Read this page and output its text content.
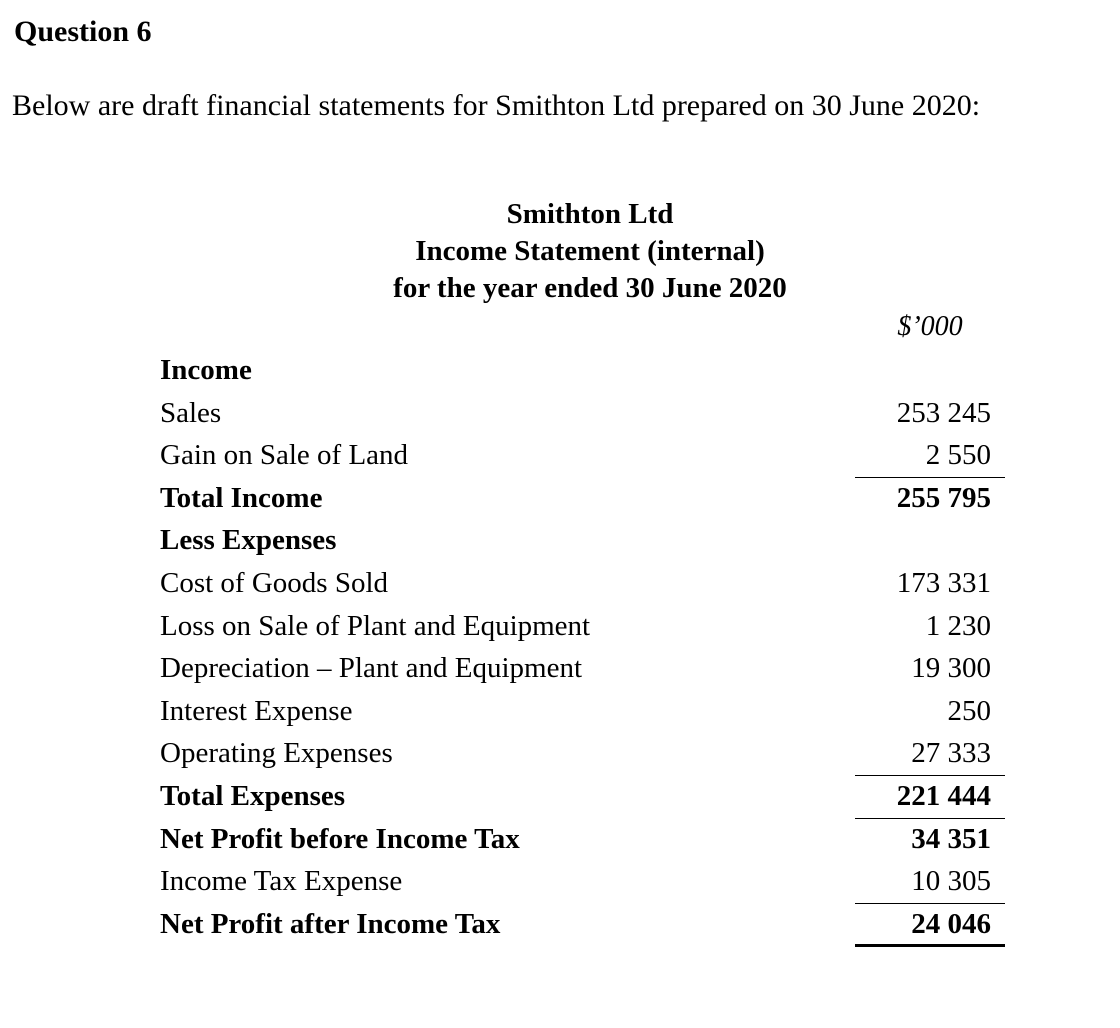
Question 6

Below are draft financial statements for Smithton Ltd prepared on 30 June 2020:

Smithton Ltd
Income Statement (internal)
for the year ended 30 June 2020
$’000
Income
Sales	253 245
Gain on Sale of Land	2 550
Total Income	255 795
Less Expenses
Cost of Goods Sold	173 331
Loss on Sale of Plant and Equipment	1 230
Depreciation – Plant and Equipment	19 300
Interest Expense	250
Operating Expenses	27 333
Total Expenses	221 444
Net Profit before Income Tax	34 351
Income Tax Expense	10 305
Net Profit after Income Tax	24 046
